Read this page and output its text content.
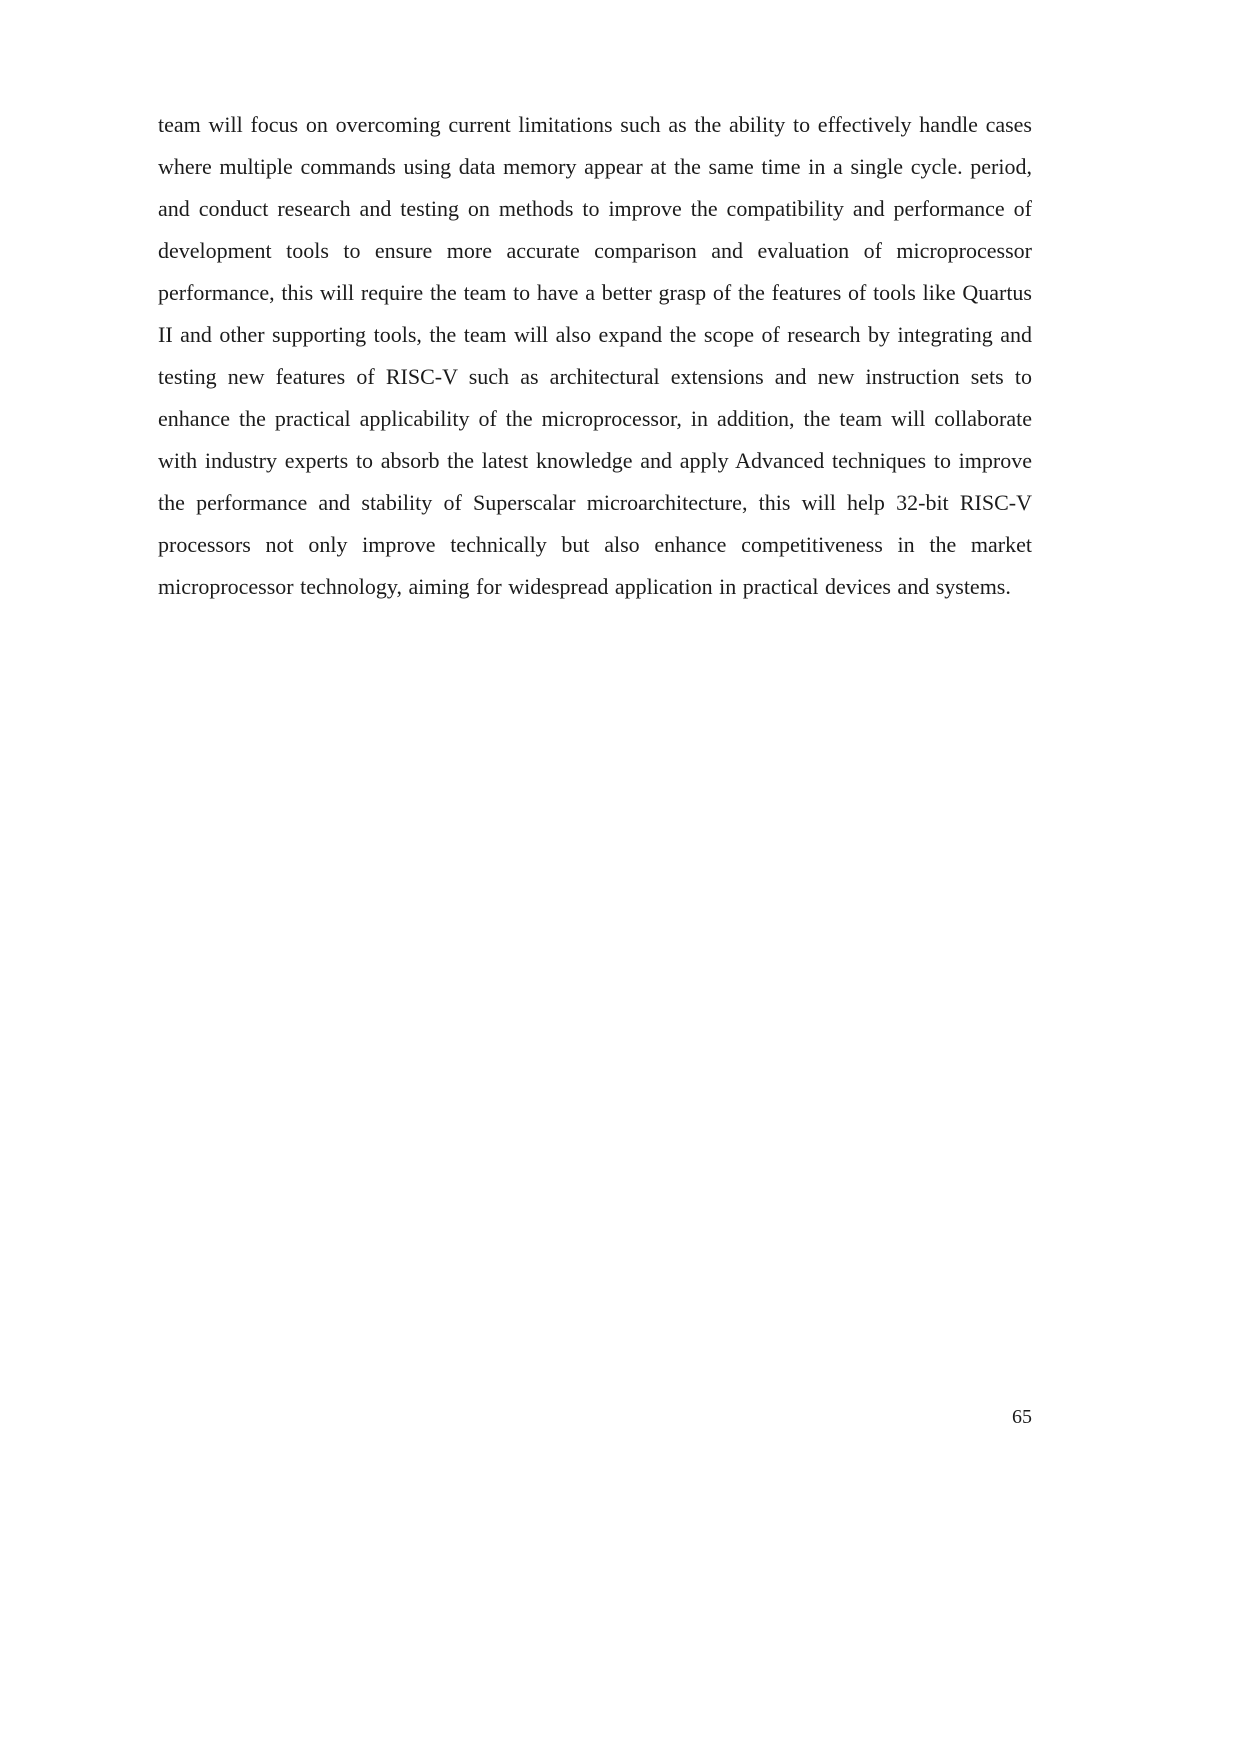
team will focus on overcoming current limitations such as the ability to effectively handle cases where multiple commands using data memory appear at the same time in a single cycle. period, and conduct research and testing on methods to improve the compatibility and performance of development tools to ensure more accurate comparison and evaluation of microprocessor performance, this will require the team to have a better grasp of the features of tools like Quartus II and other supporting tools, the team will also expand the scope of research by integrating and testing new features of RISC-V such as architectural extensions and new instruction sets to enhance the practical applicability of the microprocessor, in addition, the team will collaborate with industry experts to absorb the latest knowledge and apply Advanced techniques to improve the performance and stability of Superscalar microarchitecture, this will help 32-bit RISC-V processors not only improve technically but also enhance competitiveness in the market microprocessor technology, aiming for widespread application in practical devices and systems.

65
